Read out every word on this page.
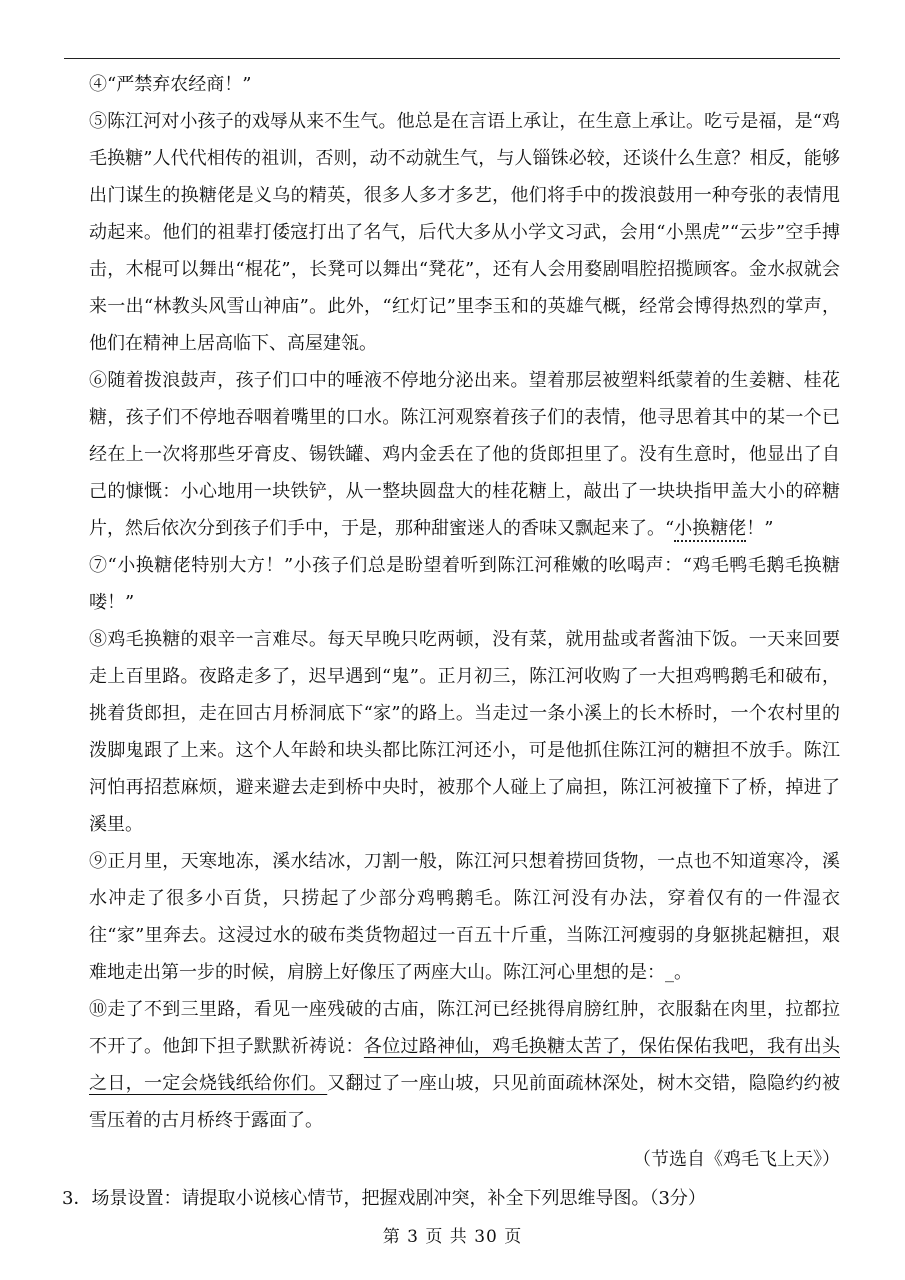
④“严禁弃农经商！”

⑤陈江河对小孩子的戏辱从来不生气。他总是在言语上承让，在生意上承让。吃亏是福，是“鸡毛换糖”人代代相传的祖训，否则，动不动就生气，与人锱铢必较，还谈什么生意？相反，能够出门谋生的换糖佬是义乌的精英，很多人多才多艺，他们将手中的拨浪鼓用一种夸张的表情甩动起来。他们的祖辈打倭寇打出了名气，后代大多从小学文习武，会用“小黑虎”“云步”空手搏击，木棍可以舞出“棍花”，长凳可以舞出“凳花”，还有人会用婺剧唱腔招揽顾客。金水叔就会来一出“林教头风雪山神庙”。此外，“红灯记”里李玉和的英雄气概，经常会博得热烈的掌声，他们在精神上居高临下、高屋建瓴。

⑥随着拨浪鼓声，孩子们口中的唾液不停地分泌出来。望着那层被塑料纸蒙着的生姜糖、桂花糖，孩子们不停地吞咽着嘴里的口水。陈江河观察着孩子们的表情，他寻思着其中的某一个已经在上一次将那些牙膏皮、锡铁罐、鸡内金丢在了他的货郎担里了。没有生意时，他显出了自己的慷慨：小心地用一块铁铲，从一整块圆盘大的桂花糖上，敲出了一块块指甲盖大小的碎糖片，然后依次分到孩子们手中，于是，那种甜蜜迷人的香味又飘起来了。“小换糖佬！”

⑦“小换糖佬特别大方！”小孩子们总是盼望着听到陈江河稚嫩的吆喝声：“鸡毛鸭毛鹅毛换糖喽！”

⑧鸡毛换糖的艰辛一言难尽。每天早晚只吃两顿，没有菜，就用盐或者酱油下饭。一天来回要走上百里路。夜路走多了，迟早遇到“鬼”。正月初三，陈江河收购了一大担鸡鸭鹅毛和破布，挑着货郎担，走在回古月桥洞底下“家”的路上。当走过一条小溪上的长木桥时，一个农村里的泼脚鬼跟了上来。这个人年龄和块头都比陈江河还小，可是他抓住陈江河的糖担不放手。陈江河怕再招惹麻烦，避来避去走到桥中央时，被那个人碰上了扁担，陈江河被撞下了桥，掉进了溪里。

⑨正月里，天寒地冻，溪水结冰，刀割一般，陈江河只想着捞回货物，一点也不知道寒冷，溪水冲走了很多小百货，只捞起了少部分鸡鸭鹅毛。陈江河没有办法，穿着仅有的一件湿衣往“家”里奔去。这浸过水的破布类货物超过一百五十斤重，当陈江河瘦弱的身躯挑起糖担，艰难地走出第一步的时候，肩膀上好像压了两座大山。陈江河心里想的是：_。

⑩走了不到三里路，看见一座残破的古庙，陈江河已经挑得肩膀红肿，衣服黏在肉里，拉都拉不开了。他卸下担子默默祈祷说：各位过路神仙，鸡毛换糖太苦了，保佑保佑我吧，我有出头之日，一定会烧钱纸给你们。又翻过了一座山坡，只见前面疏林深处，树木交错，隐隐约约被雪压着的古月桥终于露面了。

（节选自《鸡毛飞上天》）

3．场景设置：请提取小说核心情节，把握戏剧冲突，补全下列思维导图。（3分）

第 3 页 共 30 页
